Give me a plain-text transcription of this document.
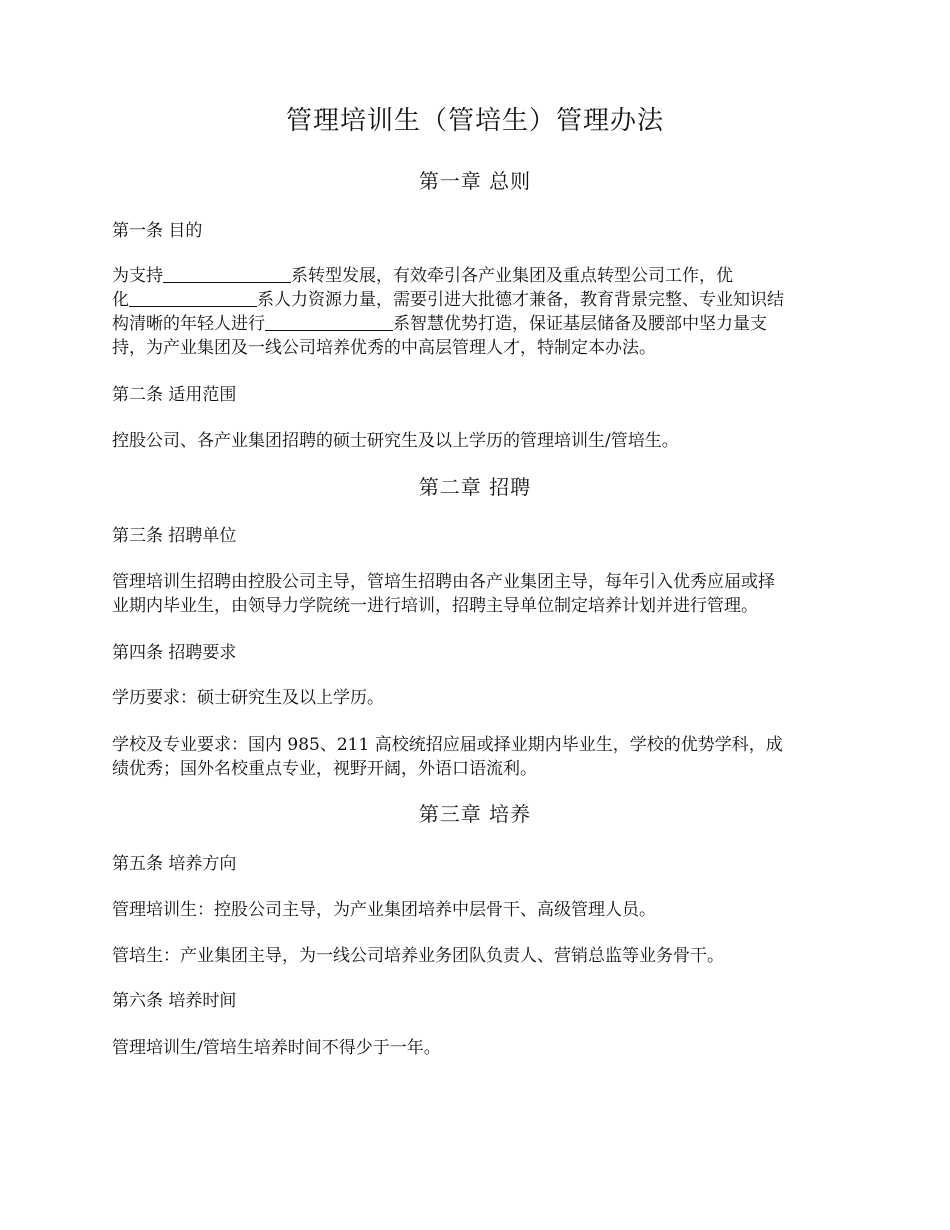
管理培训生（管培生）管理办法
第一章 总则
第一条 目的
为支持	系转型发展，有效牵引各产业集团及重点转型公司工作，优
化	系人力资源力量，需要引进大批德才兼备，教育背景完整、专业知识结
构清晰的年轻人进行	系智慧优势打造，保证基层储备及腰部中坚力量支
持，为产业集团及一线公司培养优秀的中高层管理人才，特制定本办法。
第二条 适用范围
控股公司、各产业集团招聘的硕士研究生及以上学历的管理培训生/管培生。
第二章 招聘
第三条 招聘单位
管理培训生招聘由控股公司主导，管培生招聘由各产业集团主导，每年引入优秀应届或择
业期内毕业生，由领导力学院统一进行培训，招聘主导单位制定培养计划并进行管理。
第四条 招聘要求
学历要求：硕士研究生及以上学历。
学校及专业要求：国内 985、211 高校统招应届或择业期内毕业生，学校的优势学科，成
绩优秀；国外名校重点专业，视野开阔，外语口语流利。
第三章 培养
第五条 培养方向
管理培训生：控股公司主导，为产业集团培养中层骨干、高级管理人员。
管培生：产业集团主导，为一线公司培养业务团队负责人、营销总监等业务骨干。
第六条 培养时间
管理培训生/管培生培养时间不得少于一年。
